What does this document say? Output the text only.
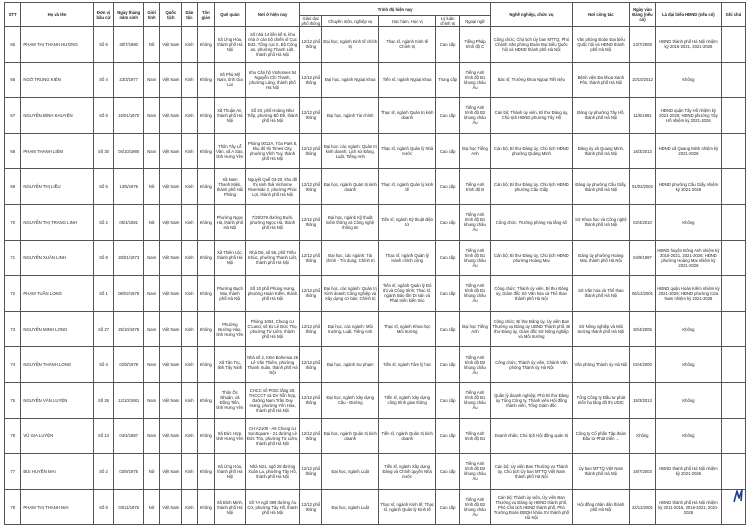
STT	Họ và tên	Đơn vị bầu cử	Ngày tháng năm sinh	Giới tính	Quốc tịch	Dân tộc	Tôn giáo	Quê quán	Nơi ở hiện nay	Trình độ hiện nay					Nghề nghiệp, chức vụ	Nơi công tác	Ngày vào Đảng (nếu có)	Là đại biểu HĐND (nếu có)	Ghi chú
										Giáo dục phổ thông	Chuyên môn, nghiệp vụ	Học hàm, Học vị	Lý luận chính trị	Ngoại ngữ					
65	PHẠM THỊ THANH HƯƠNG	Số 6	30/7/1980	Nữ	Việt Nam	Kinh	Không	Xã Ứng Hòa, thành phố Hà Nội	Số nhà 14 liền kề 5, khu nhà ở cán bộ chiến sĩ Cục B42, Tổng cục II, Bộ Công an, phường Thanh Liệt, thành phố Hà Nội	12/12 phổ thông	Đại học, ngành Kinh tế chính trị	Thạc sĩ, ngành Kinh tế Chính trị	Cao cấp	Tiếng Pháp trình độ C	Công chức; Chủ tịch Ủy ban MTTQ, Phó Chánh Văn phòng Đoàn Đại biểu Quốc hội và HĐND thành phố Hà Nội	Văn phòng Đoàn Đại biểu Quốc hội và HĐND thành phố Hà Nội	23/7/2008	HĐND thành phố Hà Nội nhiệm kỳ 2016-2021, 2021-2026	
66	NGÔ TRUNG KIÊN	Số 4	23/3/1977	Nam	Việt Nam	Kinh	Không	Xã Phù Mỹ Nam, tỉnh Gia Lai	Khu Căn hộ Vinhomes 54 Nguyễn Chí Thanh, phường Láng, thành phố Hà Nội	12/12 phổ thông	Đại học, ngành Ngoại khoa	Tiến sĩ, ngành Ngoại khoa	Trung cấp	Tiếng Anh trình độ B1 khung châu Âu	Bác sĩ, Trưởng khoa Ngoại Tiết niệu	Bệnh viện Đa khoa Xanh Pôn, thành phố Hà Nội	10/10/2012	Không	
67	NGUYỄN ĐÌNH KHUYẾN	Số 6	15/01/1970	Nam	Việt Nam	Kinh	Không	Xã Thuận An, thành phố Hà Nội	Số 20, phố Hoàng Như Tiếp, phường Bồ Đề, thành phố Hà Nội	12/12 phổ thông	Đại học, ngành Tài chính	Thạc sĩ, ngành Quản trị kinh doanh	Cao cấp	Tiếng Anh trình độ B2 khung châu Âu	Cán bộ; Thành ủy viên, Bí thư Đảng ủy, Chủ tịch HĐND phường Tây Hồ	Đảng ủy phường Tây Hồ, thành phố Hà Nội	11/6/1991	HĐND quận Tây Hồ nhiệm kỳ 2021-2026; HĐND phường Tây Hồ nhiệm kỳ 2021-2026	
68	PHẠM THANH LIÊM	Số 30	04/10/1980	Nam	Việt Nam	Kinh	Không	Thôn Tây Lễ Văn, xã A Sào, tỉnh Hưng Yên	Phòng 0012A, Tòa Park 8, khu đô thị Times City, phường Vĩnh Tuy, thành phố Hà Nội	12/12 phổ thông	Đại học: các ngành: Quản trị kinh doanh; Lịch sử Đảng, Luật, Tiếng Anh	Thạc sĩ, ngành Quản lý Nhà nước	Cao cấp	Đại học Tiếng Anh	Cán bộ; Bí thư Đảng ủy, Chủ tịch HĐND phường Quảng Minh	Đảng ủy xã Quang Minh, thành phố Hà Nội	16/3/2013	HĐND xã Quang Minh nhiệm kỳ 2021-2026	
69	NGUYỄN THỊ LIỀU	Số 5	13/5/1975	Nữ	Việt Nam	Kinh	Không	Xã Nam Thanh Miện, thành phố Hải Phòng	Nguyệt Quế 03-20, khu đô thị sinh thái Vinhome Riverside 2, phường Phúc Lợi, thành phố Hà Nội	12/12 phổ thông	Đại học, ngành Quản trị kinh doanh	Thạc sĩ, ngành Quản lý kinh tế	Cao cấp	Tiếng Anh trình độ B	Cán bộ; Bí thư Đảng ủy, Chủ tịch HĐND phường Cầu Giấy	Đảng ủy phường Cầu Giấy, thành phố Hà Nội	01/02/2002	HĐND phường Cầu Giấy nhiệm kỳ 2021-2026	
70	NGUYỄN THỊ TRANG LINH	Số 2	05/4/1981	Nữ	Việt Nam	Kinh	Không	Phường Ngọc Hà, thành phố Hà Nội	7/29/376 đường Bưởi, phường Ngọc Hà, thành phố Hà Nội	12/12 phổ thông	Đại học, ngành Kỹ thuật kiểm thông và Công nghệ thông tin	Tiến sĩ, ngành Kỹ thuật điện tử	Cao cấp	Tiếng Anh trình độ B1 khung châu Âu	Công chức, Trưởng phòng Hạ tầng số	Sở Khoa học và Công nghệ thành phố Hà Nội	02/4/2010	Không	
71	NGUYỄN XUÂN LINH	Số 8	28/01/1973	Nam	Việt Nam	Kinh	Không	Xã Thiên Lộc, thành phố Hà Nội	Nhà D6, số 55, phố Triều Khúc, phường Thanh Liệt, thành phố Hà Nội	12/12 phổ thông	Đại học, các ngành: Tài chính - Tín dụng; Chính trị	Thạc sĩ, ngành Quản lý Hành chính công	Cao cấp	Tiếng Anh trình độ B1 khung châu Âu	Cán bộ; Bí thư Đảng ủy, Chủ tịch HĐND phường Hoàng Mai	Đảng ủy phường Hoàng Mai, thành phố Hà Nội	04/9/1997	HĐND huyện Đông Anh nhiệm kỳ 2016-2021, 2021-2026; HĐND phường Hoàng Mai nhiệm kỳ 2021-2026	
72	PHẠM TUẤN LONG	Số 1	06/02/1976	Nam	Việt Nam	Kinh	Không	Phường Bạch Mai, thành phố Hà Nội	Số 10 phố Phùng Hưng, phường Hoàn Kiếm, thành phố Hà Nội	12/12 phổ thông	Đại học, các ngành: Quản trị Kinh doanh Công nghiệp và Xây dựng cơ bản; Chính trị	Tiến sĩ, ngành Quản lý Đô thị và Công trình; Thạc sĩ, ngành Bảo tồn Di sản và Phát triển kiến trúc	Cao cấp	Tiếng Anh trình độ B1 khung châu Âu	Công chức; Thành ủy viên, Bí thư Đảng ủy, Giám đốc Sở Văn hóa và Thể thao thành phố Hà Nội	Sở Văn hóa và Thể thao thành phố Hà Nội	06/12/2001	HĐND quận Hoàn Kiếm nhiệm kỳ 2021-2026; HĐND phường Cửa Nam nhiệm kỳ 2021-2026	
73	NGUYỄN MINH LONG	Số 27	25/10/1975	Nam	Việt Nam	Kinh	Không	Phường Đường Hào, tỉnh Hưng Yên	Phòng 1004, Chung cư C'Land, số 81 Lê Đức Thọ, phường Từ Liêm, thành phố Hà Nội	12/12 phổ thông	Đại học, các ngành: Môi trường, Luật, Tiếng Anh	Thạc sĩ, ngành Khoa học Môi trường	Cao cấp	Đại học Tiếng Anh	Công chức; Bí thư Đảng ủy, Ủy viên Ban Thường vụ Đảng ủy UBND Thành phố, Bí thư Đảng ủy, Giám đốc Sở Nông nghiệp và Môi trường	Sở Nông nghiệp và Môi trường thành phố Hà Nội	30/4/2005	Không	
74	NGUYỄN THÀNH LONG	Số 4	02/8/1978	Nam	Việt Nam	Kinh	Không	Xã Tân Trụ, tỉnh Tây Ninh	Nhà số 2, KĐA Bohemia 25 Lê Văn Thiêm, phường Thanh Xuân, thành phố Hà Nội	12/12 phổ thông	Đại học, ngành Sư phạm	Tiến sĩ, ngành Tâm lý học	Cao cấp	Tiếng Anh trình độ B2 khung châu Âu	Công chức; Thành ủy viên, Chánh Văn phòng Thành ủy Hà Nội	Văn phòng Thành ủy Hà Nội	02/4/2000	Không	
75	NGUYỄN VĂN LUYỆN	Số 26	12/10/1981	Nam	Việt Nam	Kinh	Không	Thôn Ốc Nhuận, xã Đồng Tiến, tỉnh Hưng Yên	CHCC số P02C tầng 29, THCCCT và DV hỗn hợp, đường Nam Trần Duy Hưng, phường Yên Hòa, thành phố Hà Nội	12/12 phổ thông	Đại học, ngành Xây dựng Cầu - Đường	Tiến sĩ, ngành Xây dựng công trình giao thông	Cao cấp	Tiếng Anh trình độ B1 khung châu Âu	Quân lý doanh nghiệp; Phó Bí thư Đảng ủy Tổng Công ty, Thành viên Hội đồng thành viên, Tổng Giám đốc	Tổng Công ty Đầu tư phát triển hạ tầng đô thị UDIC	15/3/2013	Không	
76	VŨ GIA LUYỆN	Số 13	04/4/1987	Nam	Việt Nam	Kinh	Không	Xã Đức Hợp, tỉnh Hưng Yên	CH A2108 - A6 Chung cư SunSquare - 21 đường Lê Đức Thọ, phường Từ Liêm, thành phố Hà Nội	12/12 phổ thông	Đại học, ngành Quản trị kinh doanh	Tiến sĩ, ngành Quản trị kinh doanh	Cao cấp	Tiếng Anh trình độ B1	Doanh nhân; Chủ tịch Hội đồng quản trị	Công ty Cổ phần Tập đoàn Đầu tư Phát triển ...	Không	Không	
77	BÙI HUYỀN MAI	Số 2	03/9/1975	Nữ	Việt Nam	Kinh	Không	Xã Ứng Hòa, thành phố Hà Nội	Nhà N21, ngõ 28 đường Xuân La, phường Tây Hồ, thành phố Hà Nội	12/12 phổ thông	Đại học, ngành Luật	Tiến sĩ, ngành Xây dựng Đảng và Chính quyền Nhà nước	Cao cấp	Tiếng Anh trình độ B2 khung châu Âu	Cán bộ; Ủy viên Ban Thường vụ Thành ủy, Chủ tịch Ủy ban MTTQ Việt Nam thành phố Hà Nội	Ủy ban MTTQ Việt Nam thành phố Hà Nội	19/7/2003	HĐND thành phố Hà Nội nhiệm kỳ 2021-2026	
78	PHẠM THỊ THANH MAI	Số 6	03/11/1975	Nữ	Việt Nam	Kinh	Không	Xã Bình Minh, thành phố Hà Nội	Số 7A ngõ 399 đường Âu Cơ, phường Tây Hồ, thành phố Hà Nội	12/12 phổ thông	Đại học, ngành Luật	Thạc sĩ, ngành Kinh tế; Thạc sĩ, ngành Quản lý Kinh tế	Cao cấp	Tiếng Anh trình độ B2 khung châu Âu	Cán bộ; Thành ủy viên, Ủy viên Ban Thường vụ Đảng ủy HĐND thành phố, Phó Chủ tịch HĐND thành phố, Phó Trưởng Đoàn ĐBQH khóa XV thành phố Hà Nội	Hội đồng nhân dân thành phố Hà Nội	22/12/2001	HĐND thành phố Hà Nội nhiệm kỳ 2011-2016, 2016-2021, 2021-2026	
